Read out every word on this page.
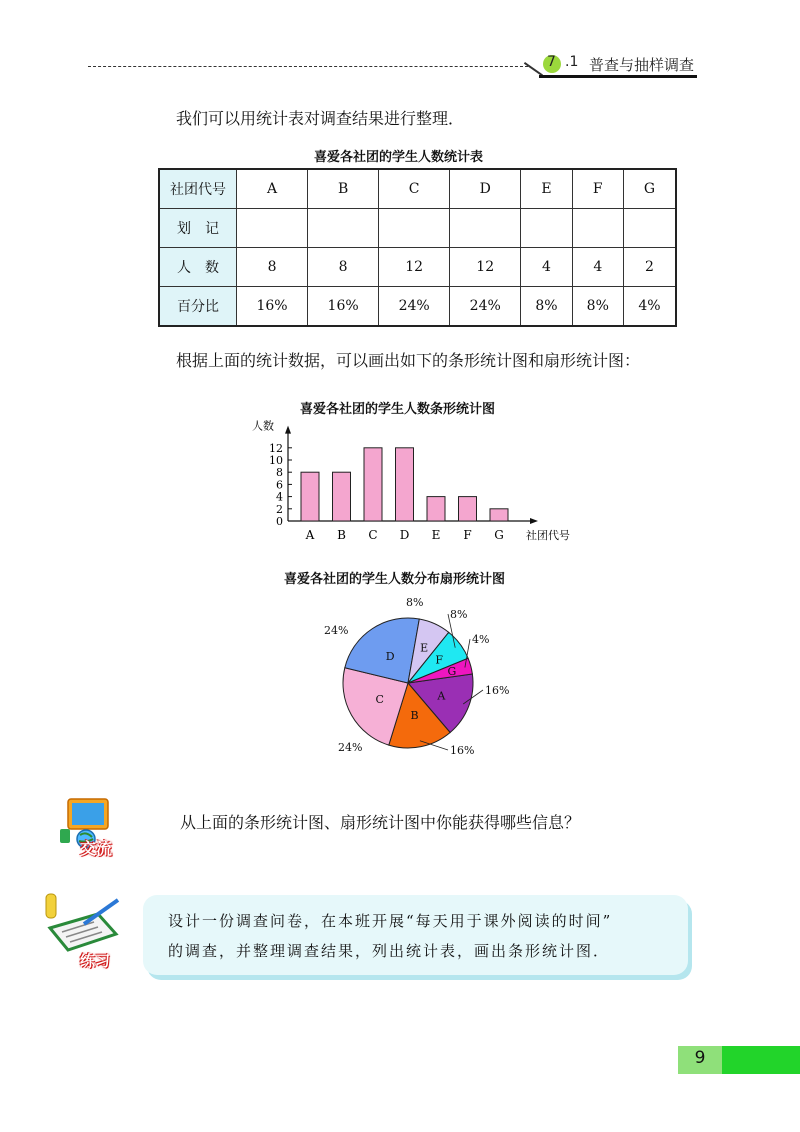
7 .1 普查与抽样调查
我们可以用统计表对调查结果进行整理．
喜爱各社团的学生人数统计表
社团代号	A	B	C	D	E	F	G
划　记							
人　数	8	8	12	12	4	4	2
百分比	16%	16%	24%	24%	8%	8%	4%
根据上面的统计数据，可以画出如下的条形统计图和扇形统计图：
喜爱各社团的学生人数条形统计图
人数
0
2
4
6
8
10
12
A B C D E F G 社团代号
喜爱各社团的学生人数分布扇形统计图
A	16%
B
16%
C
24%
D
24%
E
8%
F
8%
G
4%
交流
从上面的条形统计图、扇形统计图中你能获得哪些信息？
练习
设计一份调查问卷，在本班开展“每天用于课外阅读的时间”
的调查，并整理调查结果，列出统计表，画出条形统计图．
9
